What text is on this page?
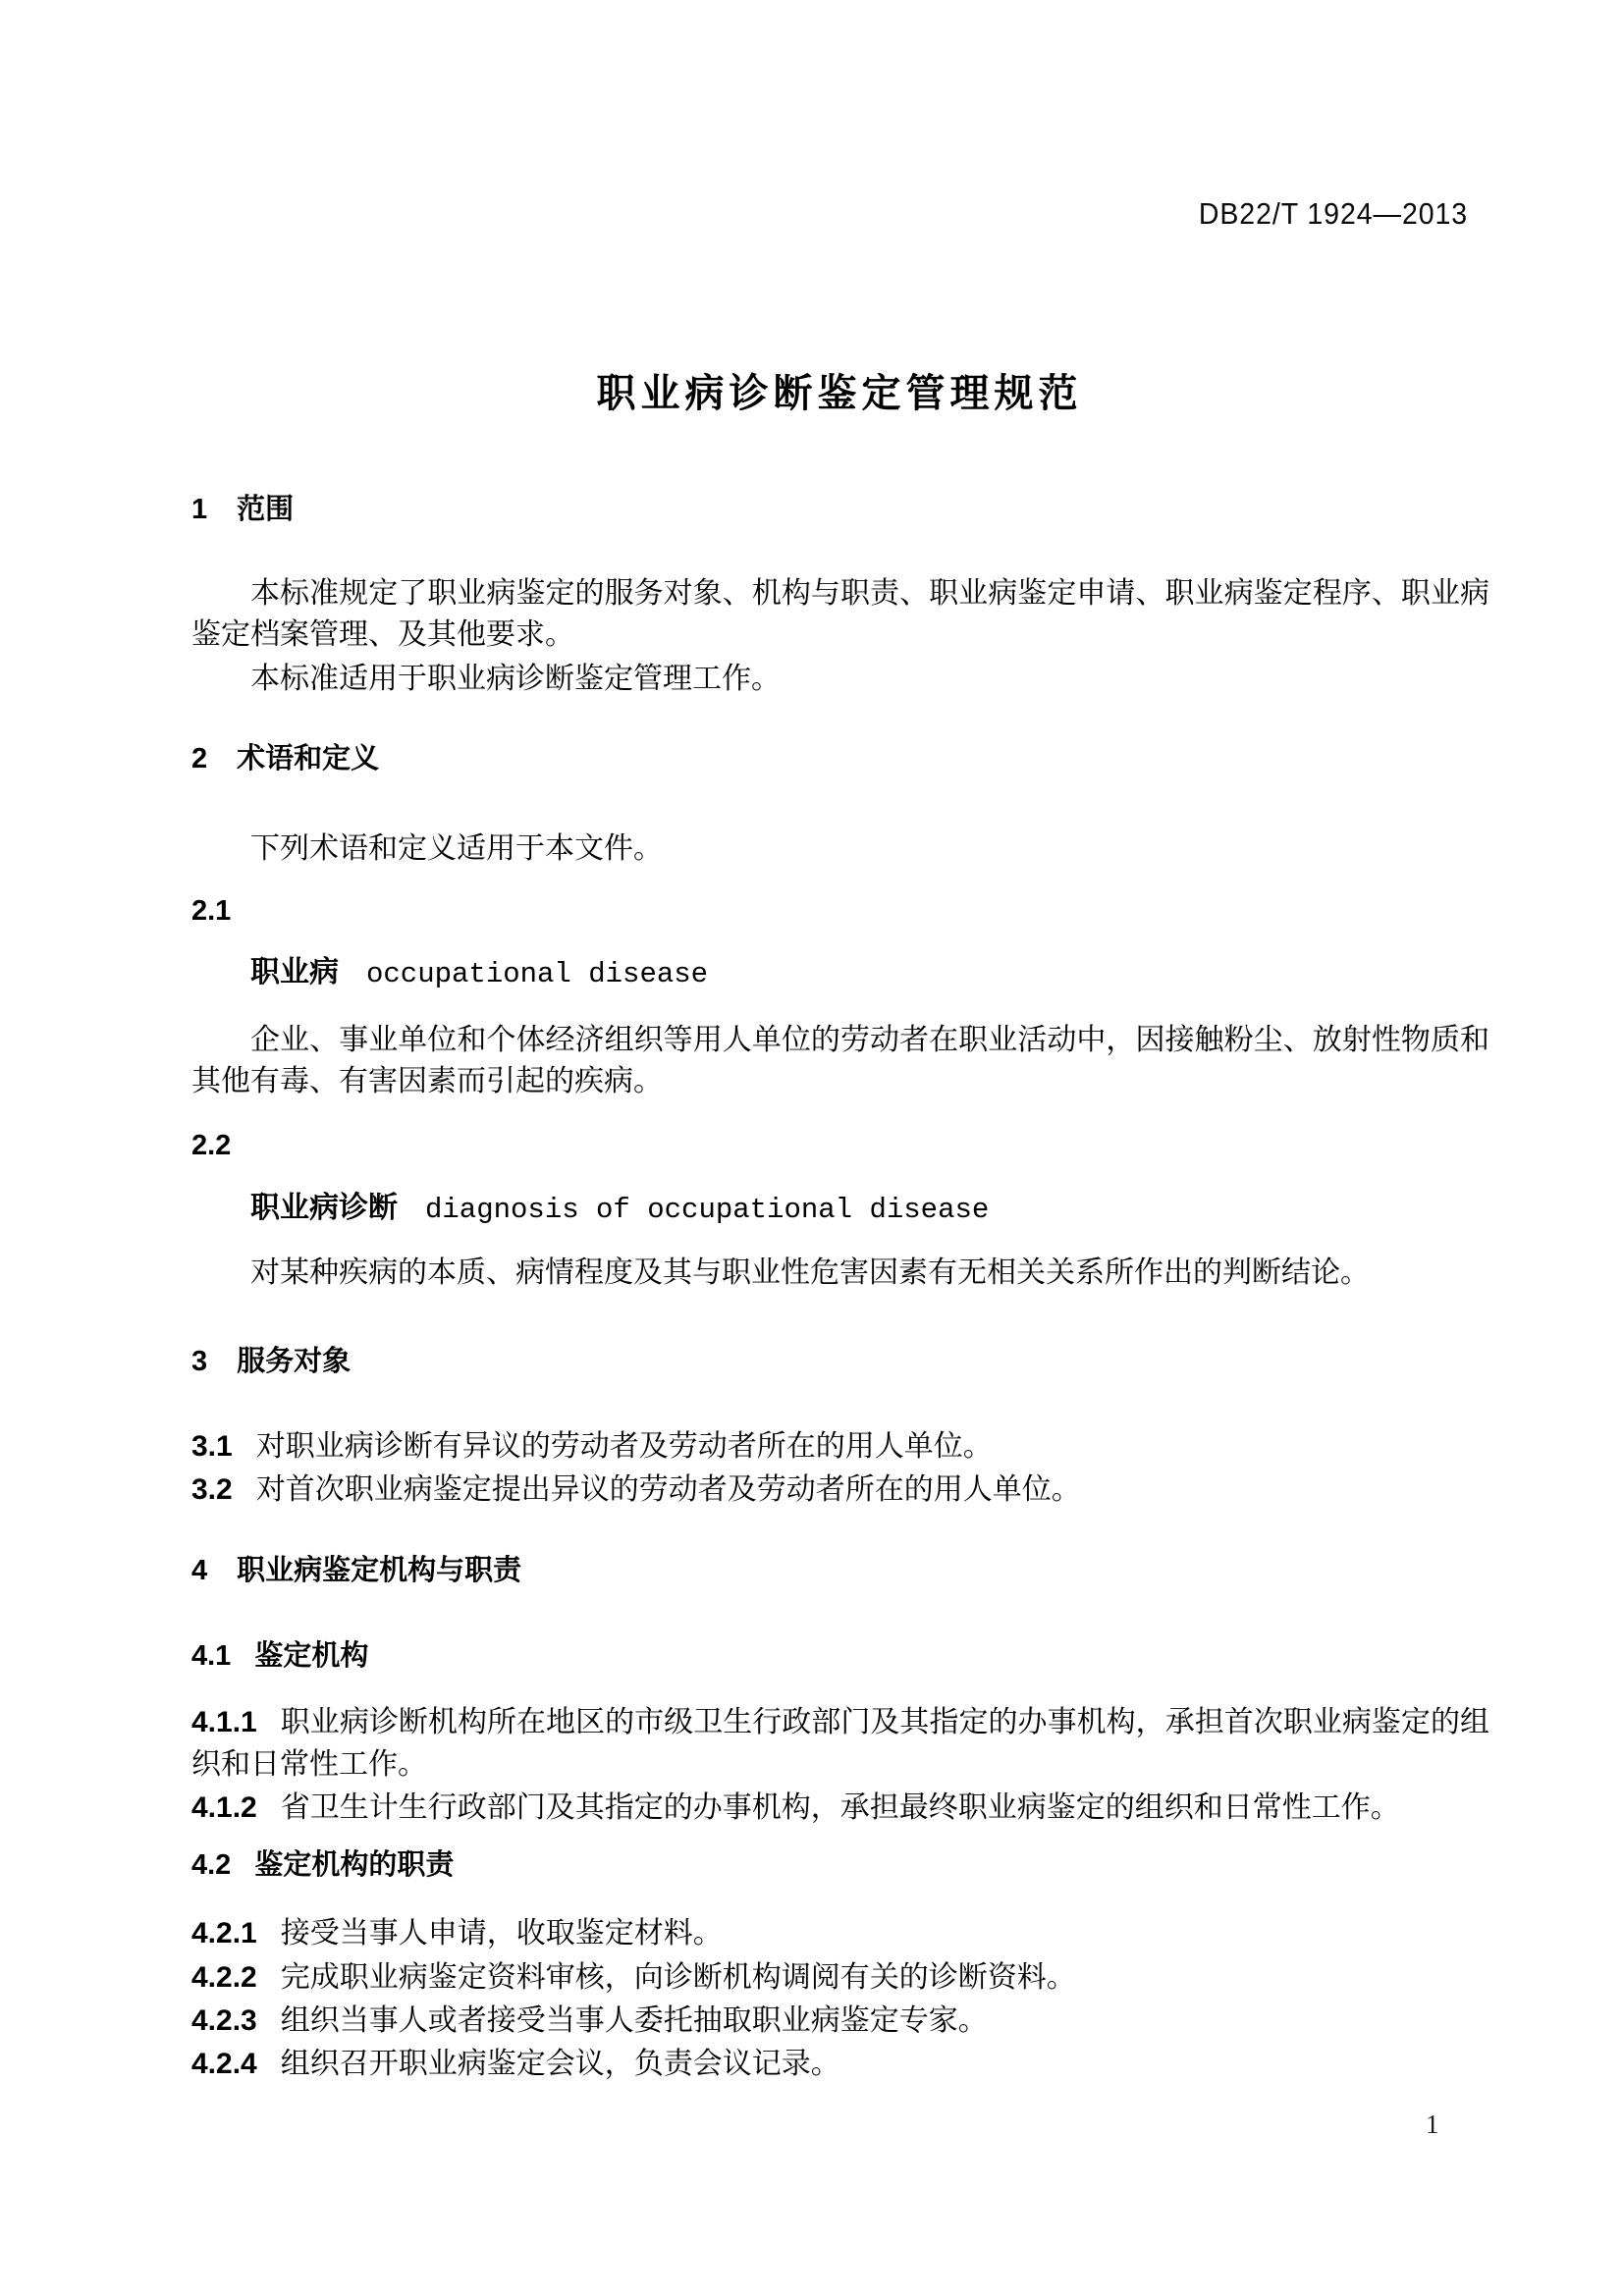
DB22/T 1924—2013
职业病诊断鉴定管理规范
1 范围

本标准规定了职业病鉴定的服务对象、机构与职责、职业病鉴定申请、职业病鉴定程序、职业病鉴定档案管理、及其他要求。

本标准适用于职业病诊断鉴定管理工作。

2 术语和定义

下列术语和定义适用于本文件。

2.1
职业病 occupational disease

企业、事业单位和个体经济组织等用人单位的劳动者在职业活动中，因接触粉尘、放射性物质和其他有毒、有害因素而引起的疾病。

2.2
职业病诊断 diagnosis of occupational disease

对某种疾病的本质、病情程度及其与职业性危害因素有无相关关系所作出的判断结论。

3 服务对象

3.1 对职业病诊断有异议的劳动者及劳动者所在的用人单位。

3.2 对首次职业病鉴定提出异议的劳动者及劳动者所在的用人单位。

4 职业病鉴定机构与职责
4.1 鉴定机构

4.1.1 职业病诊断机构所在地区的市级卫生行政部门及其指定的办事机构，承担首次职业病鉴定的组织和日常性工作。

4.1.2 省卫生计生行政部门及其指定的办事机构，承担最终职业病鉴定的组织和日常性工作。

4.2 鉴定机构的职责

4.2.1 接受当事人申请，收取鉴定材料。

4.2.2 完成职业病鉴定资料审核，向诊断机构调阅有关的诊断资料。

4.2.3 组织当事人或者接受当事人委托抽取职业病鉴定专家。

4.2.4 组织召开职业病鉴定会议，负责会议记录。

1
